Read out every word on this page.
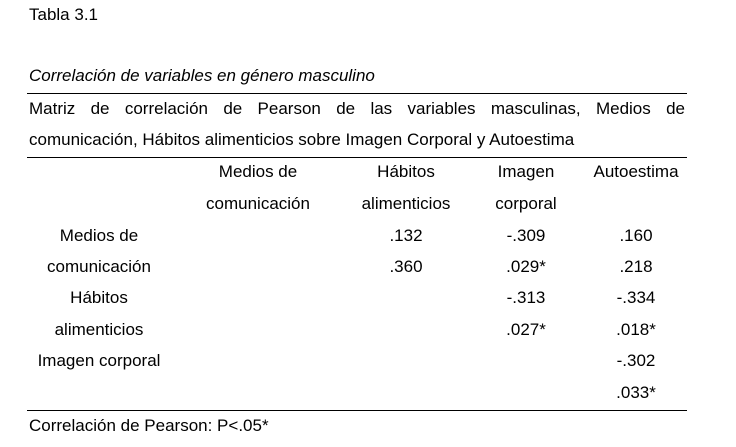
Tabla 3.1
Correlación de variables en género masculino
Matriz de correlación de Pearson de las variables masculinas, Medios de
comunicación, Hábitos alimenticios sobre Imagen Corporal y Autoestima
Medios de
comunicación
Hábitos
alimenticios
Imagen
corporal
Autoestima
Medios de
comunicación
.132
.360
-.309
.029*
.160
.218
Hábitos
alimenticios
-.313
.027*
-.334
.018*
Imagen corporal	-.302
.033*
Correlación de Pearson: P<.05*
